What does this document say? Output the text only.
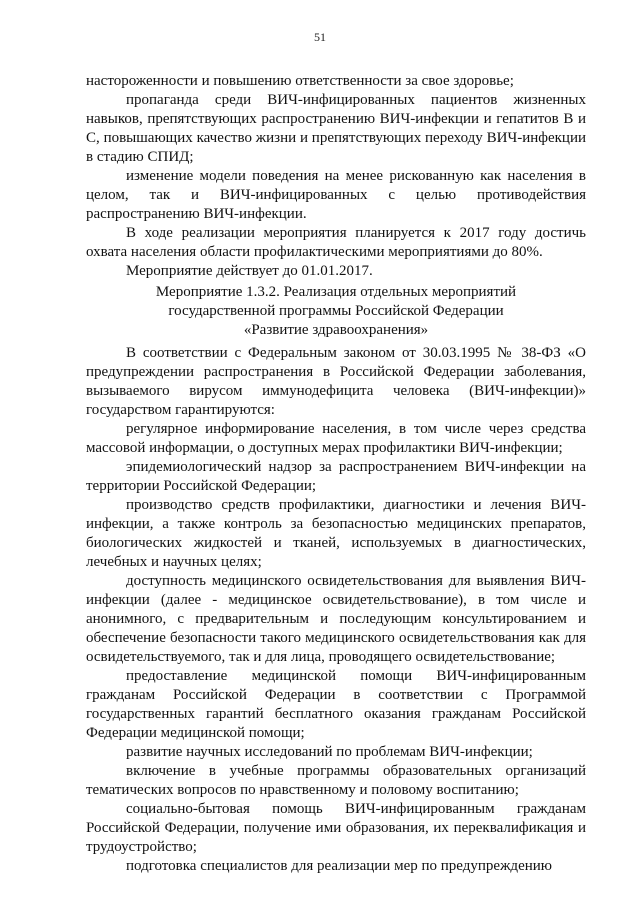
51

настороженности и повышению ответственности за свое здоровье;

пропаганда среди ВИЧ-инфицированных пациентов жизненных навыков, препятствующих распространению ВИЧ-инфекции и гепатитов В и С, повышающих качество жизни и препятствующих переходу ВИЧ-инфекции в стадию СПИД;

изменение модели поведения на менее рискованную как населения в целом, так и ВИЧ-инфицированных с целью противодействия распространению ВИЧ-инфекции.

В ходе реализации мероприятия планируется к 2017 году достичь охвата населения области профилактическими мероприятиями до 80%.

Мероприятие действует до 01.01.2017.

Мероприятие 1.3.2. Реализация отдельных мероприятий
государственной программы Российской Федерации
«Развитие здравоохранения»

В соответствии с Федеральным законом от 30.03.1995 № 38-ФЗ «О предупреждении распространения в Российской Федерации заболевания, вызываемого вирусом иммунодефицита человека (ВИЧ-инфекции)» государством гарантируются:

регулярное информирование населения, в том числе через средства массовой информации, о доступных мерах профилактики ВИЧ-инфекции;

эпидемиологический надзор за распространением ВИЧ-инфекции на территории Российской Федерации;

производство средств профилактики, диагностики и лечения ВИЧ-инфекции, а также контроль за безопасностью медицинских препаратов, биологических жидкостей и тканей, используемых в диагностических, лечебных и научных целях;

доступность медицинского освидетельствования для выявления ВИЧ-инфекции (далее - медицинское освидетельствование), в том числе и анонимного, с предварительным и последующим консультированием и обеспечение безопасности такого медицинского освидетельствования как для освидетельствуемого, так и для лица, проводящего освидетельствование;

предоставление медицинской помощи ВИЧ-инфицированным гражданам Российской Федерации в соответствии с Программой государственных гарантий бесплатного оказания гражданам Российской Федерации медицинской помощи;

развитие научных исследований по проблемам ВИЧ-инфекции;

включение в учебные программы образовательных организаций тематических вопросов по нравственному и половому воспитанию;

социально-бытовая помощь ВИЧ-инфицированным гражданам Российской Федерации, получение ими образования, их переквалификация и трудоустройство;

подготовка специалистов для реализации мер по предупреждению
